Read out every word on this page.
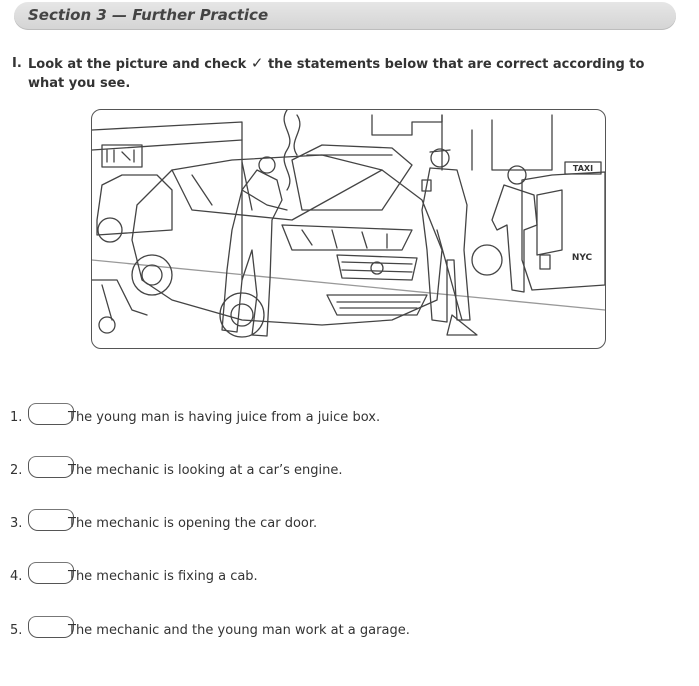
Section 3 — Further Practice
I. Look at the picture and check ✓ the statements below that are correct according to what you see.
TAXI
NYC
1.	The young man is having juice from a juice box.
2.	The mechanic is looking at a car’s engine.
3.	The mechanic is opening the car door.
4.	The mechanic is fixing a cab.
5.	The mechanic and the young man work at a garage.
